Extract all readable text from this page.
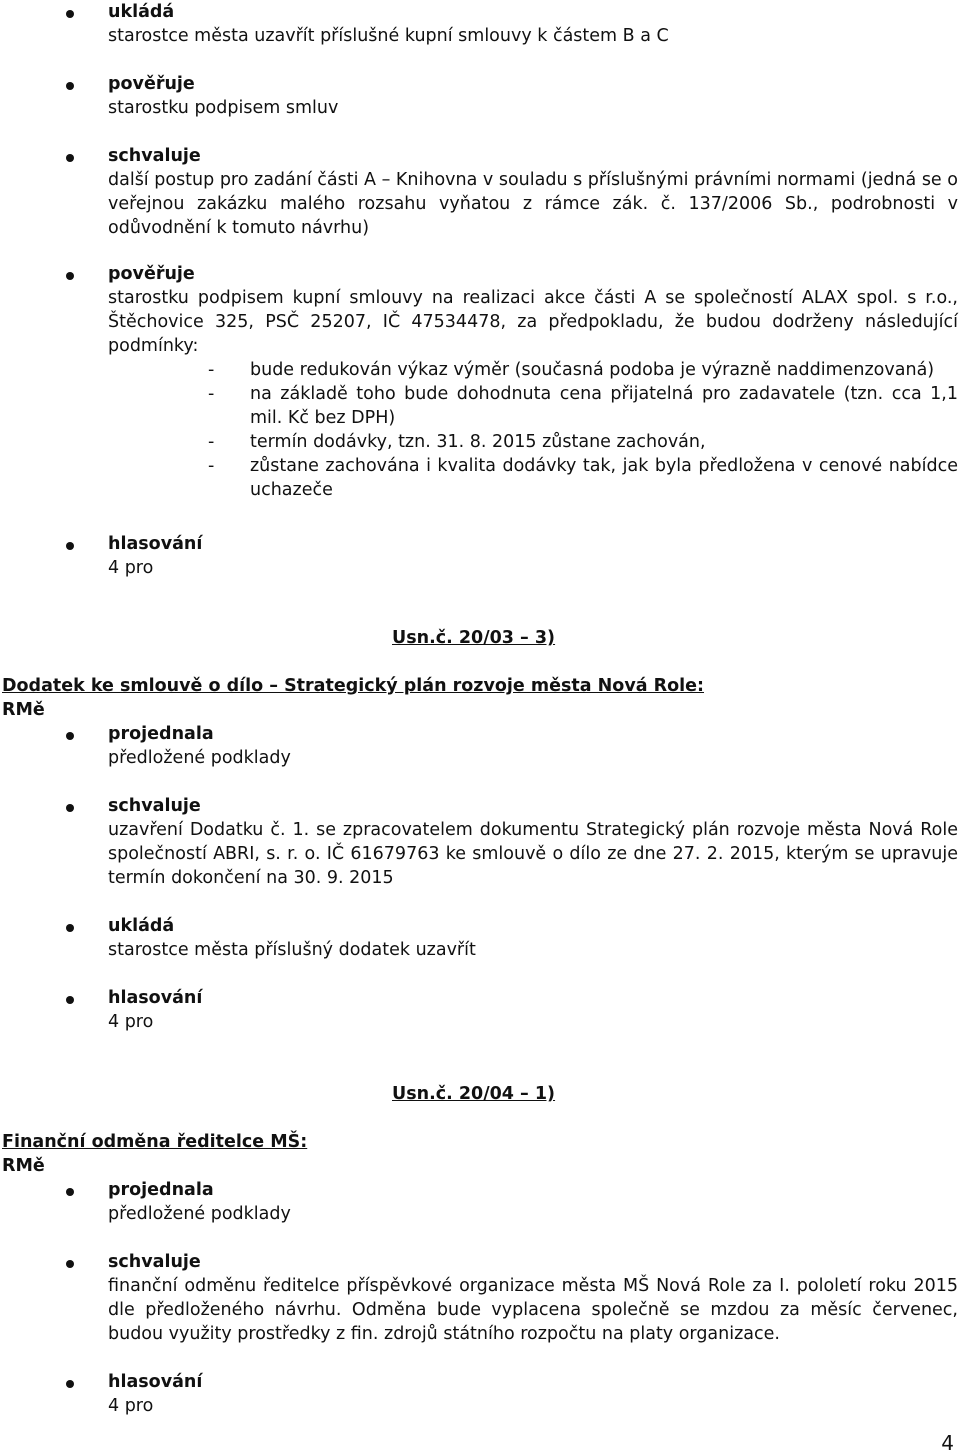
ukládá
starostce města uzavřít příslušné kupní smlouvy k částem B a C
pověřuje
starostku podpisem smluv
schvaluje
další postup pro zadání části A – Knihovna v souladu s příslušnými právními normami (jedná se o veřejnou zakázku malého rozsahu vyňatou z rámce zák. č. 137/2006 Sb., podrobnosti v odůvodnění k tomuto návrhu)
pověřuje
starostku podpisem kupní smlouvy na realizaci akce části A se společností ALAX spol. s r.o., Štěchovice 325, PSČ 25207, IČ 47534478, za předpokladu, že budou dodrženy následující podmínky:
- bude redukován výkaz výměr (současná podoba je výrazně naddimenzovaná)
- na základě toho bude dohodnuta cena přijatelná pro zadavatele (tzn. cca 1,1 mil. Kč bez DPH)
- termín dodávky, tzn. 31. 8. 2015 zůstane zachován,
- zůstane zachována i kvalita dodávky tak, jak byla předložena v cenové nabídce uchazeče
hlasování
4 pro
Usn.č. 20/03 – 3)
Dodatek ke smlouvě o dílo – Strategický plán rozvoje města Nová Role:
RMě
projednala
předložené podklady
schvaluje
uzavření Dodatku č. 1. se zpracovatelem dokumentu Strategický plán rozvoje města Nová Role společností ABRI, s. r. o. IČ 61679763 ke smlouvě o dílo ze dne 27. 2. 2015, kterým se upravuje termín dokončení na 30. 9. 2015
ukládá
starostce města příslušný dodatek uzavřít
hlasování
4 pro
Usn.č. 20/04 – 1)
Finanční odměna ředitelce MŠ:
RMě
projednala
předložené podklady
schvaluje
finanční odměnu ředitelce příspěvkové organizace města MŠ Nová Role za I. pololetí roku 2015 dle předloženého návrhu. Odměna bude vyplacena společně se mzdou za měsíc červenec, budou využity prostředky z fin. zdrojů státního rozpočtu na platy organizace.
hlasování
4 pro
4
